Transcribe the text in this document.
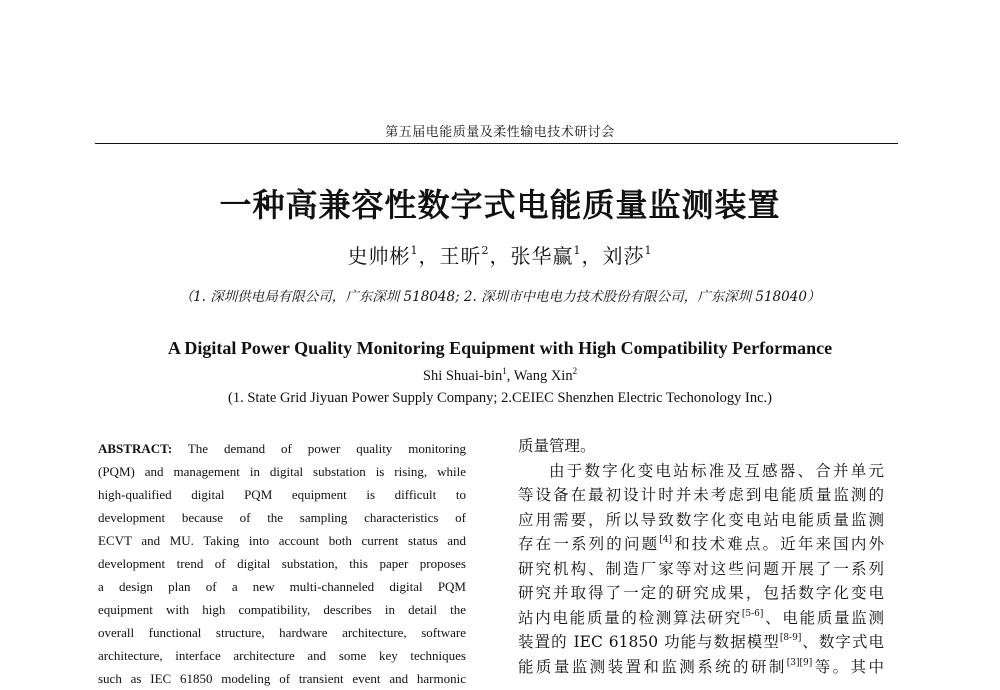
第五届电能质量及柔性输电技术研讨会
一种高兼容性数字式电能质量监测装置
史帅彬$^1$，王昕$^2$，张华赢$^1$，刘莎$^1$
（1. 深圳供电局有限公司，广东深圳 518048; 2. 深圳市中电电力技术股份有限公司，广东深圳 518040）
A Digital Power Quality Monitoring Equipment with High Compatibility Performance
Shi Shuai-bin$^1$, Wang Xin$^2$
(1. State Grid Jiyuan Power Supply Company; 2.CEIEC Shenzhen Electric Techonology Inc.)
ABSTRACT: The demand of power quality monitoring
(PQM) and management in digital substation is rising, while
high-qualified digital PQM equipment is difficult to
development because of the sampling characteristics of
ECVT and MU. Taking into account both current status and
development trend of digital substation, this paper proposes
a design plan of a new multi-channeled digital PQM
equipment with high compatibility, describes in detail the
overall functional structure, hardware architecture, software
architecture, interface architecture and some key techniques
such as IEC 61850 modeling of transient event and harmonic
质量管理。
由于数字化变电站标准及互感器、合并单元
等设备在最初设计时并未考虑到电能质量监测的
应用需要，所以导致数字化变电站电能质量监测
存在一系列的问题[4]和技术难点。近年来国内外
研究机构、制造厂家等对这些问题开展了一系列
研究并取得了一定的研究成果，包括数字化变电
站内电能质量的检测算法研究[5-6]、电能质量监测
装置的 IEC 61850 功能与数据模型[8-9]、数字式电
能质量监测装置和监测系统的研制[3][9]等。其中
